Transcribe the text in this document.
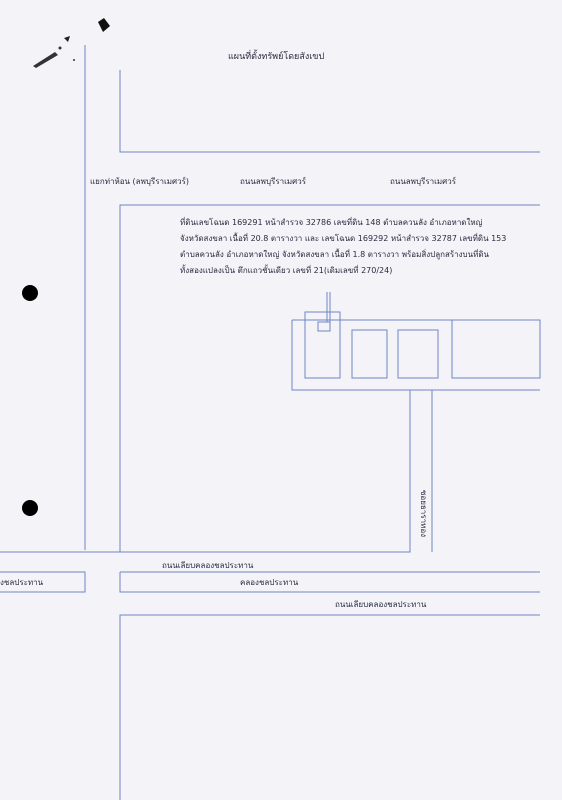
แผนที่ตั้งทรัพย์โดยสังเขป
แยกท่าห้อน (ลพบุรีราเมศวร์)	ถนนลพบุรีราเมศวร์	ถนนลพบุรีราเมศวร์
ที่ดินเลขโฉนด 169291 หน้าสำรวจ 32786 เลขที่ดิน 148 ตำบลควนลัง อำเภอหาดใหญ่
จังหวัดสงขลา เนื้อที่ 20.8 ตารางวา และ เลขโฉนด 169292 หน้าสำรวจ 32787 เลขที่ดิน 153
ตำบลควนลัง อำเภอหาดใหญ่ จังหวัดสงขลา เนื้อที่ 1.8 ตารางวา พร้อมสิ่งปลูกสร้างบนที่ดิน
ทั้งสองแปลงเป็น ตึกแถวชั้นเดียว เลขที่ 21(เดิมเลขที่ 270/24)
ซอยธาราทอง
ถนนเลียบคลองชลประทาน
งชลประทาน	คลองชลประทาน
ถนนเลียบคลองชลประทาน
